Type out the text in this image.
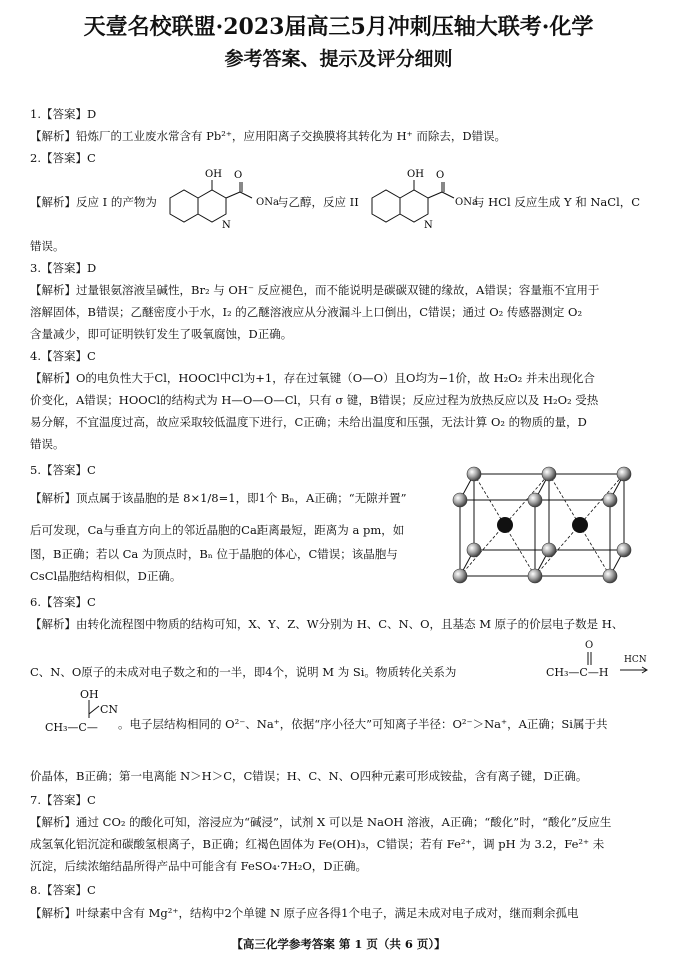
天壹名校联盟·2023届高三5月冲刺压轴大联考·化学
参考答案、提示及评分细则
1.【答案】D
【解析】铅炼厂的工业废水常含有 Pb²⁺，应用阳离子交换膜将其转化为 H⁺ 而除去，D错误。
2.【答案】C
【解析】反应 I 的产物为	与乙醇，反应 II	与 HCl 反应生成 Y 和 NaCl，C
OH O
N
ONa
OH O
N
ONa
错误。
3.【答案】D
【解析】过量银氨溶液呈碱性，Br₂ 与 OH⁻ 反应褪色，而不能说明是碳碳双键的缘故，A错误；容量瓶不宜用于
溶解固体，B错误；乙醚密度小于水，I₂ 的乙醚溶液应从分液漏斗上口倒出，C错误；通过 O₂ 传感器测定 O₂
含量减少，即可证明铁钉发生了吸氧腐蚀，D正确。
4.【答案】C
【解析】O的电负性大于Cl，HOOCl中Cl为+1，存在过氧键（O—O）且O均为−1价，故 H₂O₂ 并未出现化合
价变化，A错误；HOOCl的结构式为 H—O—O—Cl，只有 σ 键，B错误；反应过程为放热反应以及 H₂O₂ 受热
易分解，不宜温度过高，故应采取较低温度下进行，C正确；未给出温度和压强，无法计算 O₂ 的物质的量，D
错误。
5.【答案】C
【解析】顶点属于该晶胞的是 8×1/8=1，即1个 Bₙ，A正确；“无隙并置”
后可发现，Ca与垂直方向上的邻近晶胞的Ca距离最短，距离为 a pm，如
图，B正确；若以 Ca 为顶点时，Bₙ 位于晶胞的体心，C错误；该晶胞与
CsCl晶胞结构相似，D正确。
6.【答案】C
【解析】由转化流程图中物质的结构可知，X、Y、Z、W分别为 H、C、N、O，且基态 M 原子的价层电子数是 H、
C、N、O原子的未成对电子数之和的一半，即4个，说明 M 为 Si。物质转化关系为
O
CH₃—C—H
HCN
OH
CN
CH₃—C— 。电子层结构相同的 O²⁻、Na⁺，依据“序小径大”可知离子半径：O²⁻＞Na⁺，A正确；Si属于共
价晶体，B正确；第一电离能 N＞H＞C，C错误；H、C、N、O四种元素可形成铵盐，含有离子键，D正确。
7.【答案】C
【解析】通过 CO₂ 的酸化可知，溶浸应为“碱浸”，试剂 X 可以是 NaOH 溶液，A正确；“酸化”时，“酸化”反应生
成氢氧化铝沉淀和碳酸氢根离子，B正确；红褐色固体为 Fe(OH)₃，C错误；若有 Fe²⁺，调 pH 为 3.2，Fe²⁺ 未
沉淀，后续浓缩结晶所得产品中可能含有 FeSO₄·7H₂O，D正确。
8.【答案】C
【解析】叶绿素中含有 Mg²⁺，结构中2个单键 N 原子应各得1个电子，满足未成对电子成对，继而剩余孤电
【高三化学参考答案 第 1 页（共 6 页）】
